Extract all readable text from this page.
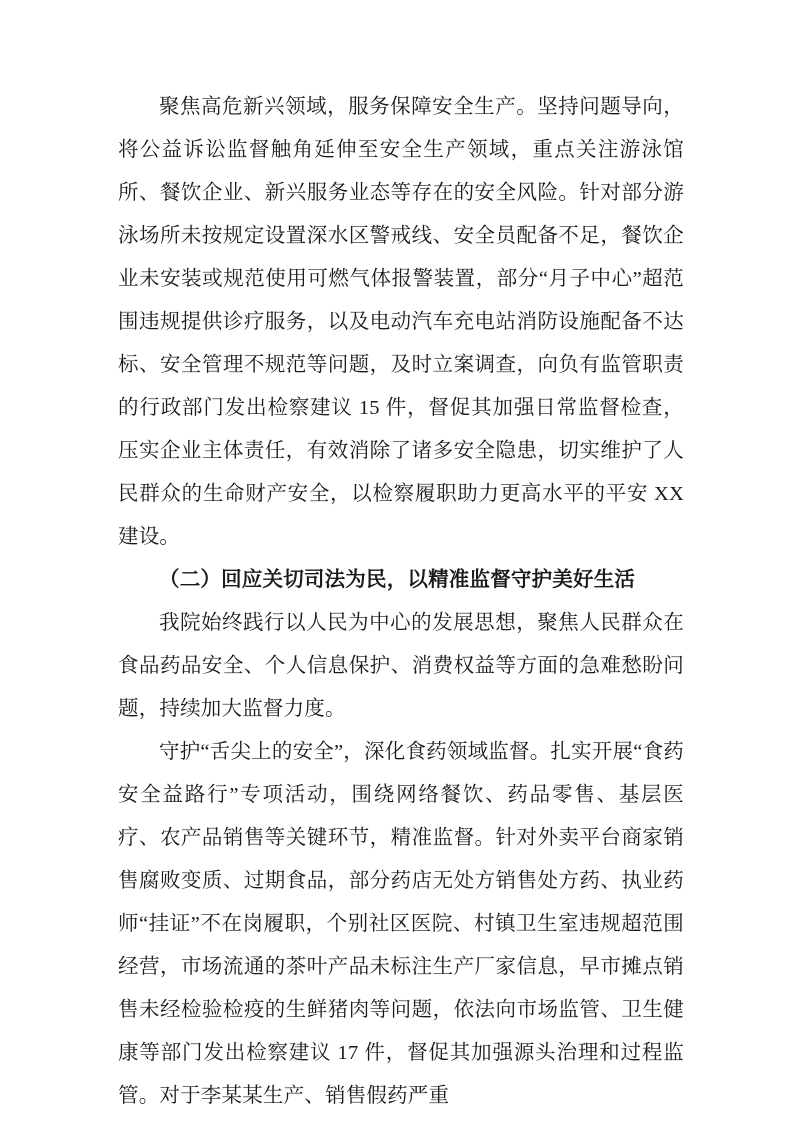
聚焦高危新兴领域，服务保障安全生产。坚持问题导向，将公益诉讼监督触角延伸至安全生产领域，重点关注游泳馆所、餐饮企业、新兴服务业态等存在的安全风险。针对部分游泳场所未按规定设置深水区警戒线、安全员配备不足，餐饮企业未安装或规范使用可燃气体报警装置，部分“月子中心”超范围违规提供诊疗服务，以及电动汽车充电站消防设施配备不达标、安全管理不规范等问题，及时立案调查，向负有监管职责的行政部门发出检察建议 15 件，督促其加强日常监督检查，压实企业主体责任，有效消除了诸多安全隐患，切实维护了人民群众的生命财产安全，以检察履职助力更高水平的平安 XX 建设。

（二）回应关切司法为民，以精准监督守护美好生活

我院始终践行以人民为中心的发展思想，聚焦人民群众在食品药品安全、个人信息保护、消费权益等方面的急难愁盼问题，持续加大监督力度。

守护“舌尖上的安全”，深化食药领域监督。扎实开展“食药安全益路行”专项活动，围绕网络餐饮、药品零售、基层医疗、农产品销售等关键环节，精准监督。针对外卖平台商家销售腐败变质、过期食品，部分药店无处方销售处方药、执业药师“挂证”不在岗履职，个别社区医院、村镇卫生室违规超范围经营，市场流通的茶叶产品未标注生产厂家信息，早市摊点销售未经检验检疫的生鲜猪肉等问题，依法向市场监管、卫生健康等部门发出检察建议 17 件，督促其加强源头治理和过程监管。对于李某某生产、销售假药严重
